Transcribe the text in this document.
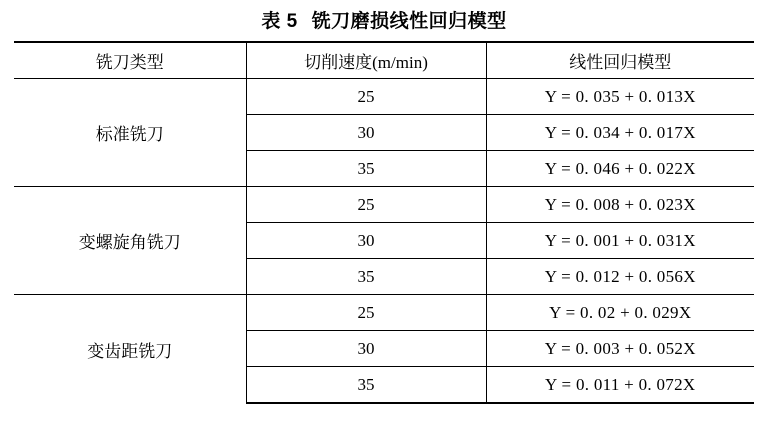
表 5 铣刀磨损线性回归模型
铣刀类型	切削速度(m/min)	线性回归模型
标准铣刀	25	Y = 0. 035 + 0. 013X
	30	Y = 0. 034 + 0. 017X
	35	Y = 0. 046 + 0. 022X
变螺旋角铣刀	25	Y = 0. 008 + 0. 023X
	30	Y = 0. 001 + 0. 031X
	35	Y = 0. 012 + 0. 056X
变齿距铣刀	25	Y = 0. 02 + 0. 029X
	30	Y = 0. 003 + 0. 052X
	35	Y = 0. 011 + 0. 072X
